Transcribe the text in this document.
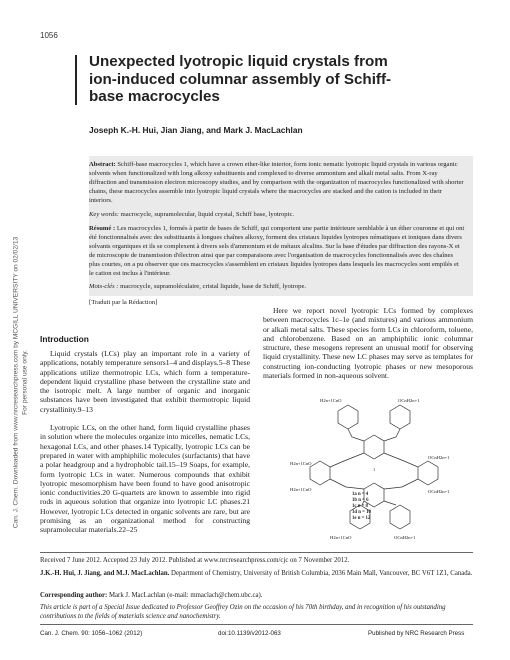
1056
Can. J. Chem. Downloaded from www.nrcresearchpress.com by MCGILL UNIVERSITY on 02/02/13 For personal use only.
Unexpected lyotropic liquid crystals from ion-induced columnar assembly of Schiff-base macrocycles
Joseph K.-H. Hui, Jian Jiang, and Mark J. MacLachlan

Abstract: Schiff-base macrocycles 1, which have a crown ether-like interior, form ionic nematic lyotropic liquid crystals in various organic solvents when functionalized with long alkoxy substituents and complexed to diverse ammonium and alkali metal salts. From X-ray diffraction and transmission electron microscopy studies, and by comparison with the organization of macrocycles functionalized with shorter chains, these macrocycles assemble into lyotropic liquid crystals where the macrocycles are stacked and the cation is included in their interiors.

Key words: macrocycle, supramolecular, liquid crystal, Schiff base, lyotropic.

Résumé : Les macrocycles 1, formés à partir de bases de Schiff, qui comportent une partie intérieure semblable à un éther couronne et qui ont été fonctionnalisés avec des substituants à longues chaînes alkoxy, forment des cristaux liquides lyotropes nématiques et ioniques dans divers solvants organiques et ils se complexent à divers sels d'ammonium et de métaux alcalins. Sur la base d'études par diffraction des rayons-X et de microscopie de transmission d'électron ainsi que par comparaisons avec l'organisation de macrocycles fonctionnalisés avec des chaînes plus courtes, on a pu observer que ces macrocycles s'assemblent en cristaux liquides lyotropes dans lesquels les macrocycles sont empilés et le cation est inclus à l'intérieur.

Mots-clés : macrocycle, supramoléculaire, cristal liquide, base de Schiff, lyotrope.

[Traduit par la Rédaction]

Introduction

Liquid crystals (LCs) play an important role in a variety of applications, notably temperature sensors1–4 and displays.5–8 These applications utilize thermotropic LCs, which form a temperature-dependent liquid crystalline phase between the crystalline state and the isotropic melt. A large number of organic and inorganic substances have been investigated that exhibit thermotropic liquid crystallinity.9–13

Lyotropic LCs, on the other hand, form liquid crystalline phases in solution where the molecules organize into micelles, nematic LCs, hexagonal LCs, and other phases.14 Typically, lyotropic LCs can be prepared in water with amphiphilic molecules (surfactants) that have a polar headgroup and a hydrophobic tail.15–19 Soaps, for example, form lyotropic LCs in water. Numerous compounds that exhibit lyotropic mesomorphism have been found to have good anisotropic ionic conductivities.20 G-quartets are known to assemble into rigid rods in aqueous solution that organize into lyotropic LC phases.21 However, lyotropic LCs detected in organic solvents are rare, but are promising as an organizational method for constructing supramolecular materials.22–25

Here we report novel lyotropic LCs formed by complexes between macrocycles 1c–1e (and mixtures) and various ammonium or alkali metal salts. These species form LCs in chloroform, toluene, and chlorobenzene. Based on an amphiphilic ionic columnar structure, these mesogens represent an unusual motif for observing liquid crystallinity. These new LC phases may serve as templates for constructing ion-conducting lyotropic phases or new mesoporous materials formed in non-aqueous solvent.

H2n+1CnO	OCnH2n+1
H2n+1CnO
H2n+1CnO
OCnH2n+1
OCnH2n+1
H2n+1CnO	OCnH2n+1
1
1a n = 4
1b n = 6
1c n = 8
1d n = 10
1e n = 12

Received 7 June 2012. Accepted 23 July 2012. Published at www.nrcresearchpress.com/cjc on 7 November 2012.

J.K.-H. Hui, J. Jiang, and M.J. MacLachlan. Department of Chemistry, University of British Columbia, 2036 Main Mall, Vancouver, BC V6T 1Z1, Canada.

Corresponding author: Mark J. MacLachlan (e-mail: mmaclach@chem.ubc.ca).

This article is part of a Special Issue dedicated to Professor Geoffrey Ozin on the occasion of his 70th birthday, and in recognition of his outstanding contributions to the fields of materials science and nanochemistry.

Can. J. Chem. 90: 1056–1062 (2012)	doi:10.1139/v2012-063	Published by NRC Research Press
